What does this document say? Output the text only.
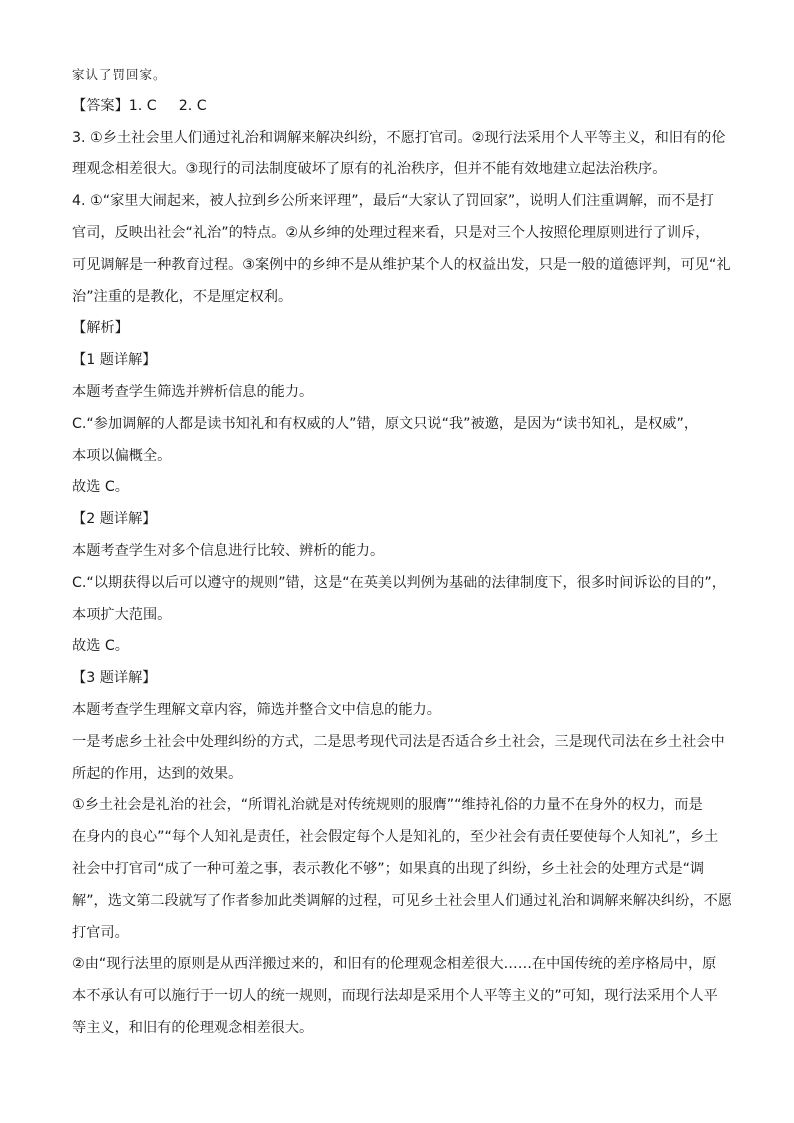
家认了罚回家。

【答案】1. C 2. C

3. ①乡土社会里人们通过礼治和调解来解决纠纷，不愿打官司。②现行法采用个人平等主义，和旧有的伦

理观念相差很大。③现行的司法制度破坏了原有的礼治秩序，但并不能有效地建立起法治秩序。

4. ①“家里大闹起来，被人拉到乡公所来评理”，最后“大家认了罚回家”，说明人们注重调解，而不是打

官司，反映出社会“礼治”的特点。②从乡绅的处理过程来看，只是对三个人按照伦理原则进行了训斥，

可见调解是一种教育过程。③案例中的乡绅不是从维护某个人的权益出发，只是一般的道德评判，可见“礼

治”注重的是教化，不是厘定权利。

【解析】

【1 题详解】

本题考查学生筛选并辨析信息的能力。

C.“参加调解的人都是读书知礼和有权威的人”错，原文只说“我”被邀，是因为“读书知礼，是权威”，

本项以偏概全。

故选 C。

【2 题详解】

本题考查学生对多个信息进行比较、辨析的能力。

C.“以期获得以后可以遵守的规则”错，这是“在英美以判例为基础的法律制度下，很多时间诉讼的目的”，

本项扩大范围。

故选 C。

【3 题详解】

本题考查学生理解文章内容，筛选并整合文中信息的能力。

一是考虑乡土社会中处理纠纷的方式，二是思考现代司法是否适合乡土社会，三是现代司法在乡土社会中

所起的作用，达到的效果。

①乡土社会是礼治的社会，“所谓礼治就是对传统规则的服膺”“维持礼俗的力量不在身外的权力，而是

在身内的良心”“每个人知礼是责任，社会假定每个人是知礼的，至少社会有责任要使每个人知礼”，乡土

社会中打官司“成了一种可羞之事，表示教化不够”；如果真的出现了纠纷，乡土社会的处理方式是“调

解”，选文第二段就写了作者参加此类调解的过程，可见乡土社会里人们通过礼治和调解来解决纠纷，不愿

打官司。

②由“现行法里的原则是从西洋搬过来的，和旧有的伦理观念相差很大……在中国传统的差序格局中，原

本不承认有可以施行于一切人的统一规则，而现行法却是采用个人平等主义的”可知，现行法采用个人平

等主义，和旧有的伦理观念相差很大。
